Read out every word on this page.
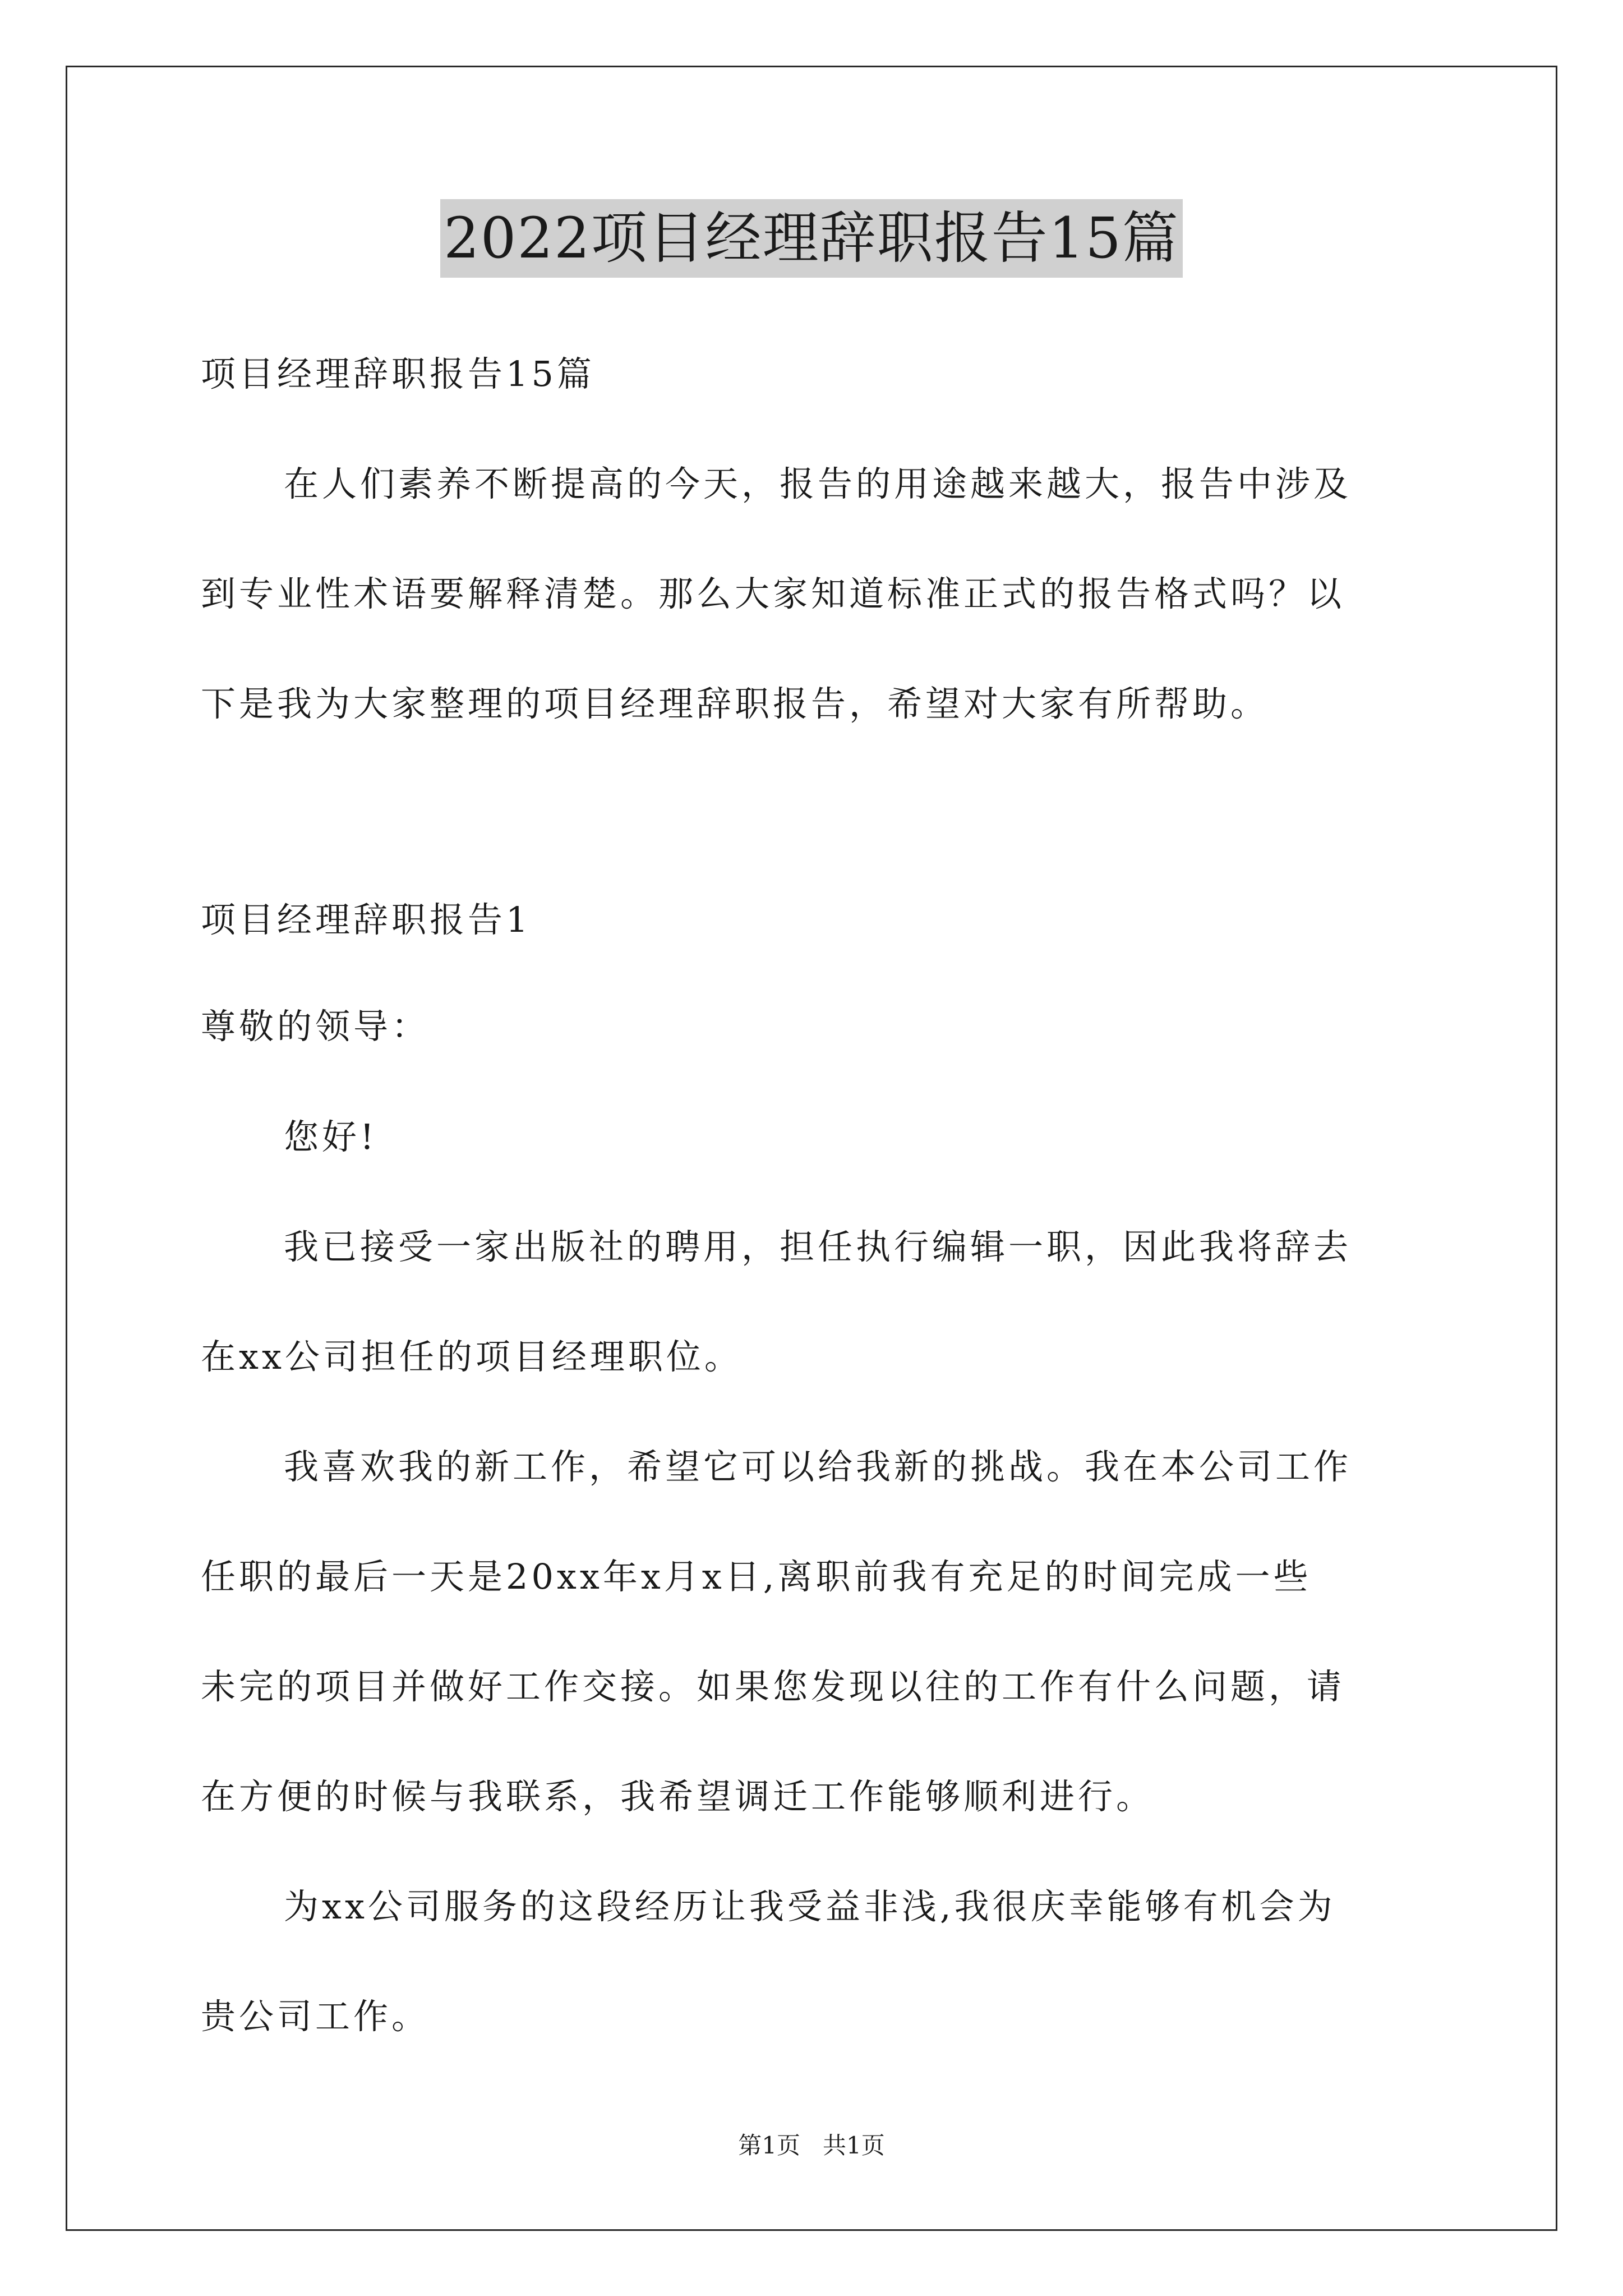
2022项目经理辞职报告15篇
项目经理辞职报告15篇
在人们素养不断提高的今天，报告的用途越来越大，报告中涉及
到专业性术语要解释清楚。那么大家知道标准正式的报告格式吗？以
下是我为大家整理的项目经理辞职报告，希望对大家有所帮助。
项目经理辞职报告1
尊敬的领导：
您好!
我已接受一家出版社的聘用，担任执行编辑一职，因此我将辞去
在xx公司担任的项目经理职位。
我喜欢我的新工作，希望它可以给我新的挑战。我在本公司工作
任职的最后一天是20xx年x月x日,离职前我有充足的时间完成一些
未完的项目并做好工作交接。如果您发现以往的工作有什么问题，请
在方便的时候与我联系，我希望调迁工作能够顺利进行。
为xx公司服务的这段经历让我受益非浅,我很庆幸能够有机会为
贵公司工作。
第1页   共1页
